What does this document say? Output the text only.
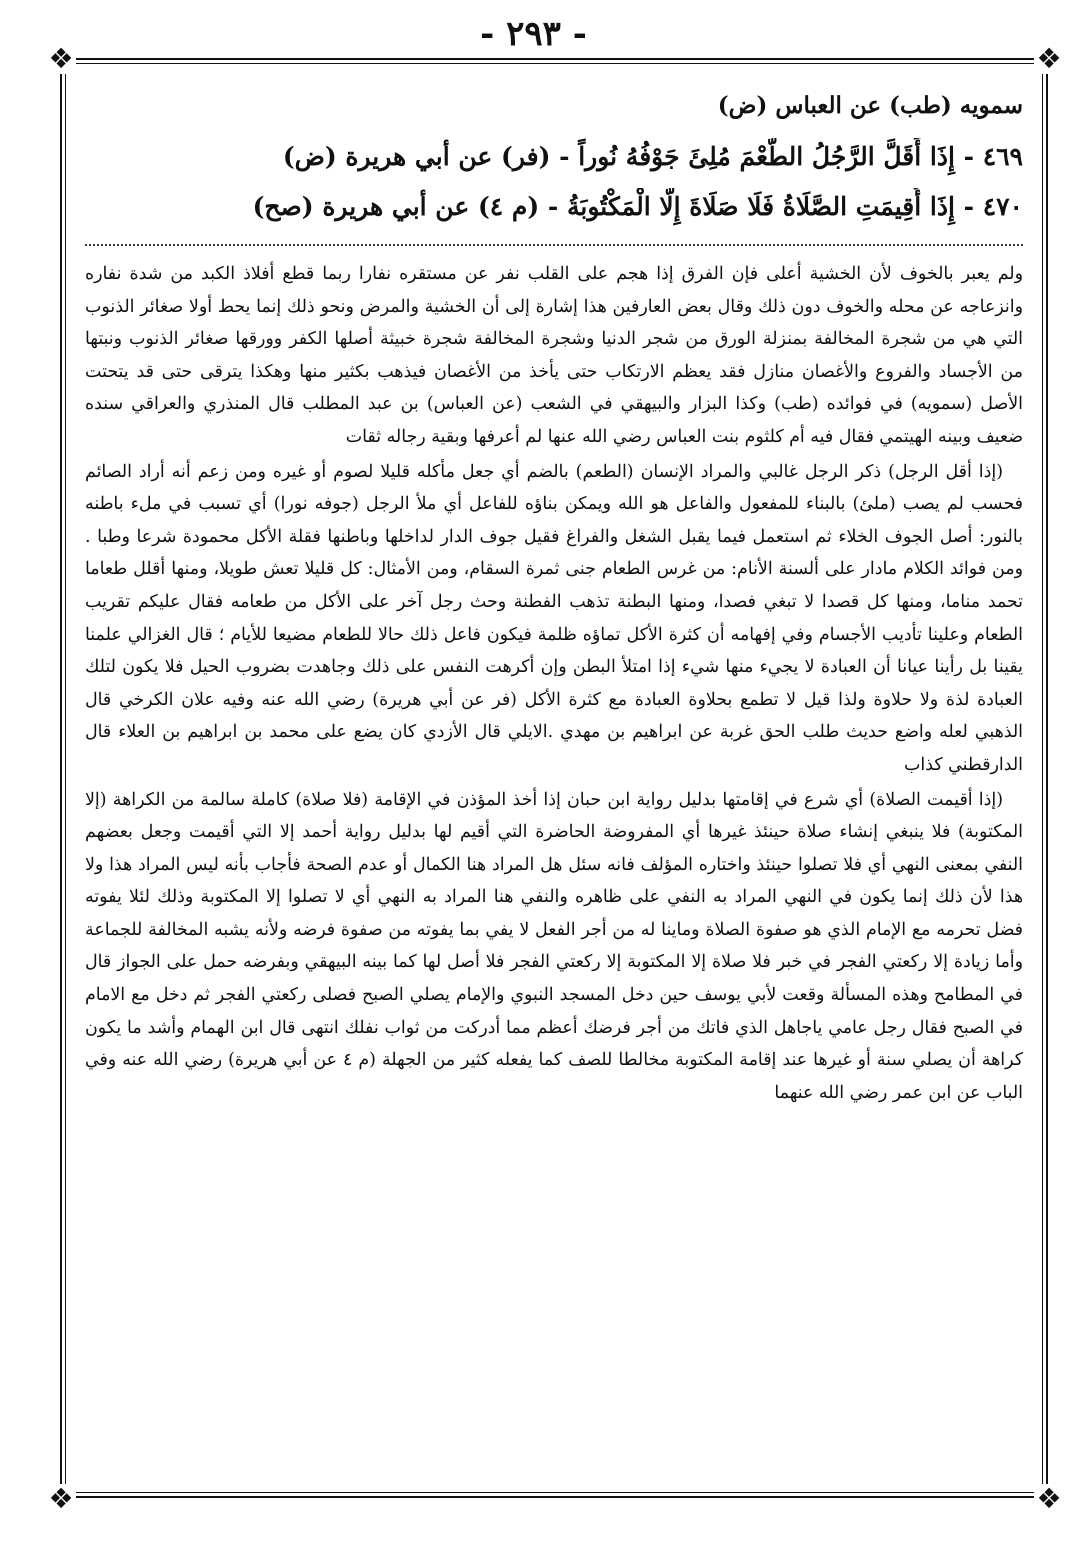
- ٢٩٣ -
❖	❖
❖	❖

سمويه (طب) عن العباس (ض)

٤٦٩ - إِذَا أَقَلَّ الرَّجُلُ الطُّعْمَ مُلِئَ جَوْفُهُ نُوراً - (فر) عن أبي هريرة (ض)

٤٧٠ - إِذَا أُقِيمَتِ الصَّلَاةُ فَلَا صَلَاةَ إِلَّا الْمَكْتُوبَةُ - (م ٤) عن أبي هريرة (صح)

ولم يعبر بالخوف لأن الخشية أعلى فإن الفرق إذا هجم على القلب نفر عن مستقره نفارا ربما قطع أفلاذ الكبد من شدة نفاره وانزعاجه عن محله والخوف دون ذلك وقال بعض العارفين هذا إشارة إلى أن الخشية والمرض ونحو ذلك إنما يحط أولا صغائر الذنوب التي هي من شجرة المخالفة بمنزلة الورق من شجر الدنيا وشجرة المخالفة شجرة خبيثة أصلها الكفر وورقها صغائر الذنوب ونبتها من الأجساد والفروع والأغصان منازل فقد يعظم الارتكاب حتى يأخذ من الأغصان فيذهب بكثير منها وهكذا يترقى حتى قد يتحتت الأصل (سمويه) في فوائده (طب) وكذا البزار والبيهقي في الشعب (عن العباس) بن عبد المطلب قال المنذري والعراقي سنده ضعيف وبينه الهيتمي فقال فيه أم كلثوم بنت العباس رضي الله عنها لم أعرفها وبقية رجاله ثقات

(إذا أقل الرجل) ذكر الرجل غالبي والمراد الإنسان (الطعم) بالضم أي جعل مأكله قليلا لصوم أو غيره ومن زعم أنه أراد الصائم فحسب لم يصب (ملئ) بالبناء للمفعول والفاعل هو الله ويمكن بناؤه للفاعل أي ملأ الرجل (جوفه نورا) أي تسبب في ملء باطنه بالنور: أصل الجوف الخلاء ثم استعمل فيما يقبل الشغل والفراغ فقيل جوف الدار لداخلها وباطنها فقلة الأكل محمودة شرعا وطبا . ومن فوائد الكلام مادار على ألسنة الأنام: من غرس الطعام جنى ثمرة السقام، ومن الأمثال: كل قليلا تعش طويلا، ومنها أقلل طعاما تحمد مناما، ومنها كل قصدا لا تبغي فصدا، ومنها البطنة تذهب الفطنة وحث رجل آخر على الأكل من طعامه فقال عليكم تقريب الطعام وعلينا تأديب الأجسام وفي إفهامه أن كثرة الأكل تماؤه ظلمة فيكون فاعل ذلك حالا للطعام مضيعا للأيام ؛ قال الغزالي علمنا يقينا بل رأينا عيانا أن العبادة لا يجيء منها شيء إذا امتلأ البطن وإن أكرهت النفس على ذلك وجاهدت بضروب الحيل فلا يكون لتلك العبادة لذة ولا حلاوة ولذا قيل لا تطمع بحلاوة العبادة مع كثرة الأكل (فر عن أبي هريرة) رضي الله عنه وفيه علان الكرخي قال الذهبي لعله واضع حديث طلب الحق غربة عن ابراهيم بن مهدي .الايلي قال الأزدي كان يضع على محمد بن ابراهيم بن العلاء قال الدارقطني كذاب

(إذا أقيمت الصلاة) أي شرع في إقامتها بدليل رواية ابن حبان إذا أخذ المؤذن في الإقامة (فلا صلاة) كاملة سالمة من الكراهة (إلا المكتوبة) فلا ينبغي إنشاء صلاة حينئذ غيرها أي المفروضة الحاضرة التي أقيم لها بدليل رواية أحمد إلا التي أقيمت وجعل بعضهم النفي بمعنى النهي أي فلا تصلوا حينئذ واختاره المؤلف فانه سئل هل المراد هنا الكمال أو عدم الصحة فأجاب بأنه ليس المراد هذا ولا هذا لأن ذلك إنما يكون في النهي المراد به النفي على ظاهره والنفي هنا المراد به النهي أي لا تصلوا إلا المكتوبة وذلك لئلا يفوته فضل تحرمه مع الإمام الذي هو صفوة الصلاة وماينا له من أجر الفعل لا يفي بما يفوته من صفوة فرضه ولأنه يشبه المخالفة للجماعة وأما زيادة إلا ركعتي الفجر في خبر فلا صلاة إلا المكتوبة إلا ركعتي الفجر فلا أصل لها كما بينه البيهقي وبفرضه حمل على الجواز قال في المطامح وهذه المسألة وقعت لأبي يوسف حين دخل المسجد النبوي والإمام يصلي الصبح فصلى ركعتي الفجر ثم دخل مع الامام في الصبح فقال رجل عامي ياجاهل الذي فاتك من أجر فرضك أعظم مما أدركت من ثواب نفلك انتهى قال ابن الهمام وأشد ما يكون كراهة أن يصلي سنة أو غيرها عند إقامة المكتوبة مخالطا للصف كما يفعله كثير من الجهلة (م ٤ عن أبي هريرة) رضي الله عنه وفي الباب عن ابن عمر رضي الله عنهما
